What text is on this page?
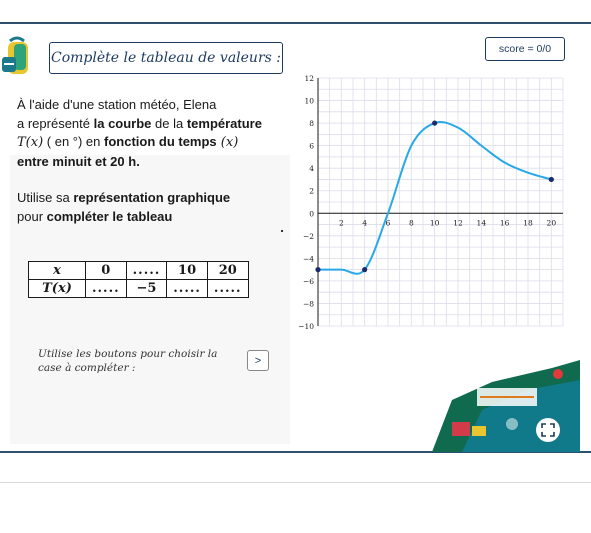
Complète le tableau de valeurs :
score
= 0/0
À l'aide d'une station météo, Elena
a représenté la courbe de la température
T(x) ( en °) en fonction du temps (x)
entre minuit et 20 h.
Utilise sa représentation graphique
pour compléter le tableau
x	0	.....	10	20
T(x)	.....	−5	.....	.....
Utilise les boutons pour choisir la case à compléter :
>
2 4 6 8 10 12 14 16 18 20
12
10
8
6
4
2
0
−2
−4
−6
−8
−10
